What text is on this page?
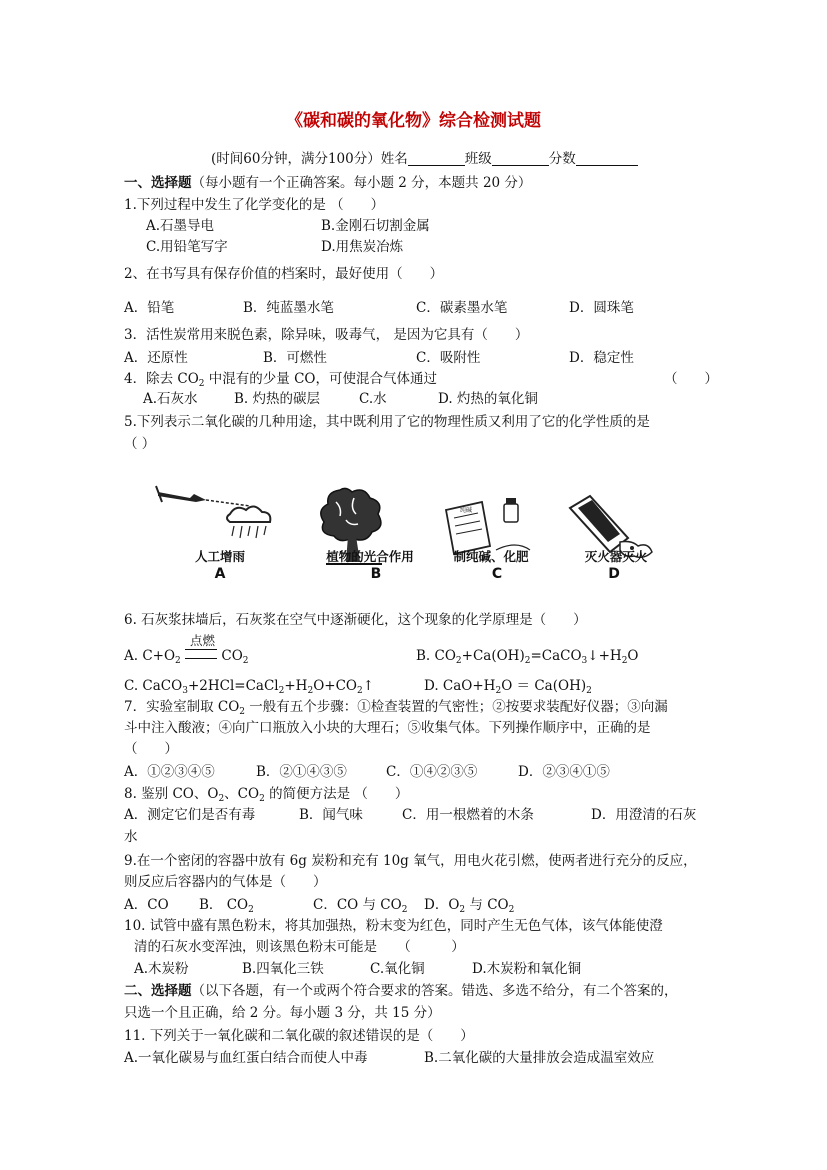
《碳和碳的氧化物》综合检测试题
(时间60分钟，满分100分）姓名	班级	分数
一、选择题（每小题有一个正确答案。每小题 2 分，本题共 20 分）
1.下列过程中发生了化学变化的是 （　　）
A.石墨导电	B.金刚石切割金属
C.用铅笔写字	D.用焦炭冶炼
2、在书写具有保存价值的档案时，最好使用（　　）
A．铅笔	B．纯蓝墨水笔	C．碳素墨水笔	D．圆珠笔
3．活性炭常用来脱色素，除异味，吸毒气， 是因为它具有（　　）
A．还原性	B．可燃性	C．吸附性	D．稳定性
4．除去 $CO_2$ 中混有的少量 CO，可使混合气体通过	（　　）
A.石灰水	B. 灼热的碳层	C.水	D. 灼热的氧化铜
5.下列表示二氧化碳的几种用途，其中既利用了它的物理性质又利用了它的化学性质的是
（ ）
纯碱
人工增雨	植物的光合作用	制纯碱、化肥	灭火器灭火
A	B	C	D
6. 石灰浆抹墙后，石灰浆在空气中逐渐硬化，这个现象的化学原理是（　　）
点燃
A. $C+O_2$	$CO_2$	B. $CO_2+Ca(OH)_2=CaCO_3↓+H_2O$
C. $CaCO_3+2HCl=CaCl_2+H_2O+CO_2↑$	D. $CaO+H_2O = Ca(OH)_2$
7．实验室制取 $CO_2$ 一般有五个步骤：①检查装置的气密性；②按要求装配好仪器；③向漏
斗中注入酸液；④向广口瓶放入小块的大理石；⑤收集气体。下列操作顺序中，正确的是
（　　）
A．①②③④⑤	B．②①④③⑤	C．①④②③⑤	D．②③④①⑤
8. 鉴别 CO、$O_2$、$CO_2$ 的简便方法是 （　　）
A．测定它们是否有毒	B．闻气味	C．用一根燃着的木条	D．用澄清的石灰
水
9.在一个密闭的容器中放有 6g 炭粉和充有 10g 氧气，用电火花引燃，使两者进行充分的反应，
则反应后容器内的气体是（　　）
A．CO B． $CO_2$	C．CO 与 $CO_2$ D．$O_2$ 与 $CO_2$
10. 试管中盛有黑色粉末，将其加强热，粉末变为红色，同时产生无色气体，该气体能使澄
清的石灰水变浑浊，则该黑色粉末可能是　　（　　　）
A.木炭粉	B.四氧化三铁	C.氧化铜	D.木炭粉和氧化铜
二、选择题（以下各题，有一个或两个符合要求的答案。错选、多选不给分，有二个答案的，
只选一个且正确，给 2 分。每小题 3 分，共 15 分）
11. 下列关于一氧化碳和二氧化碳的叙述错误的是（　　）
A.一氧化碳易与血红蛋白结合而使人中毒	B.二氧化碳的大量排放会造成温室效应
